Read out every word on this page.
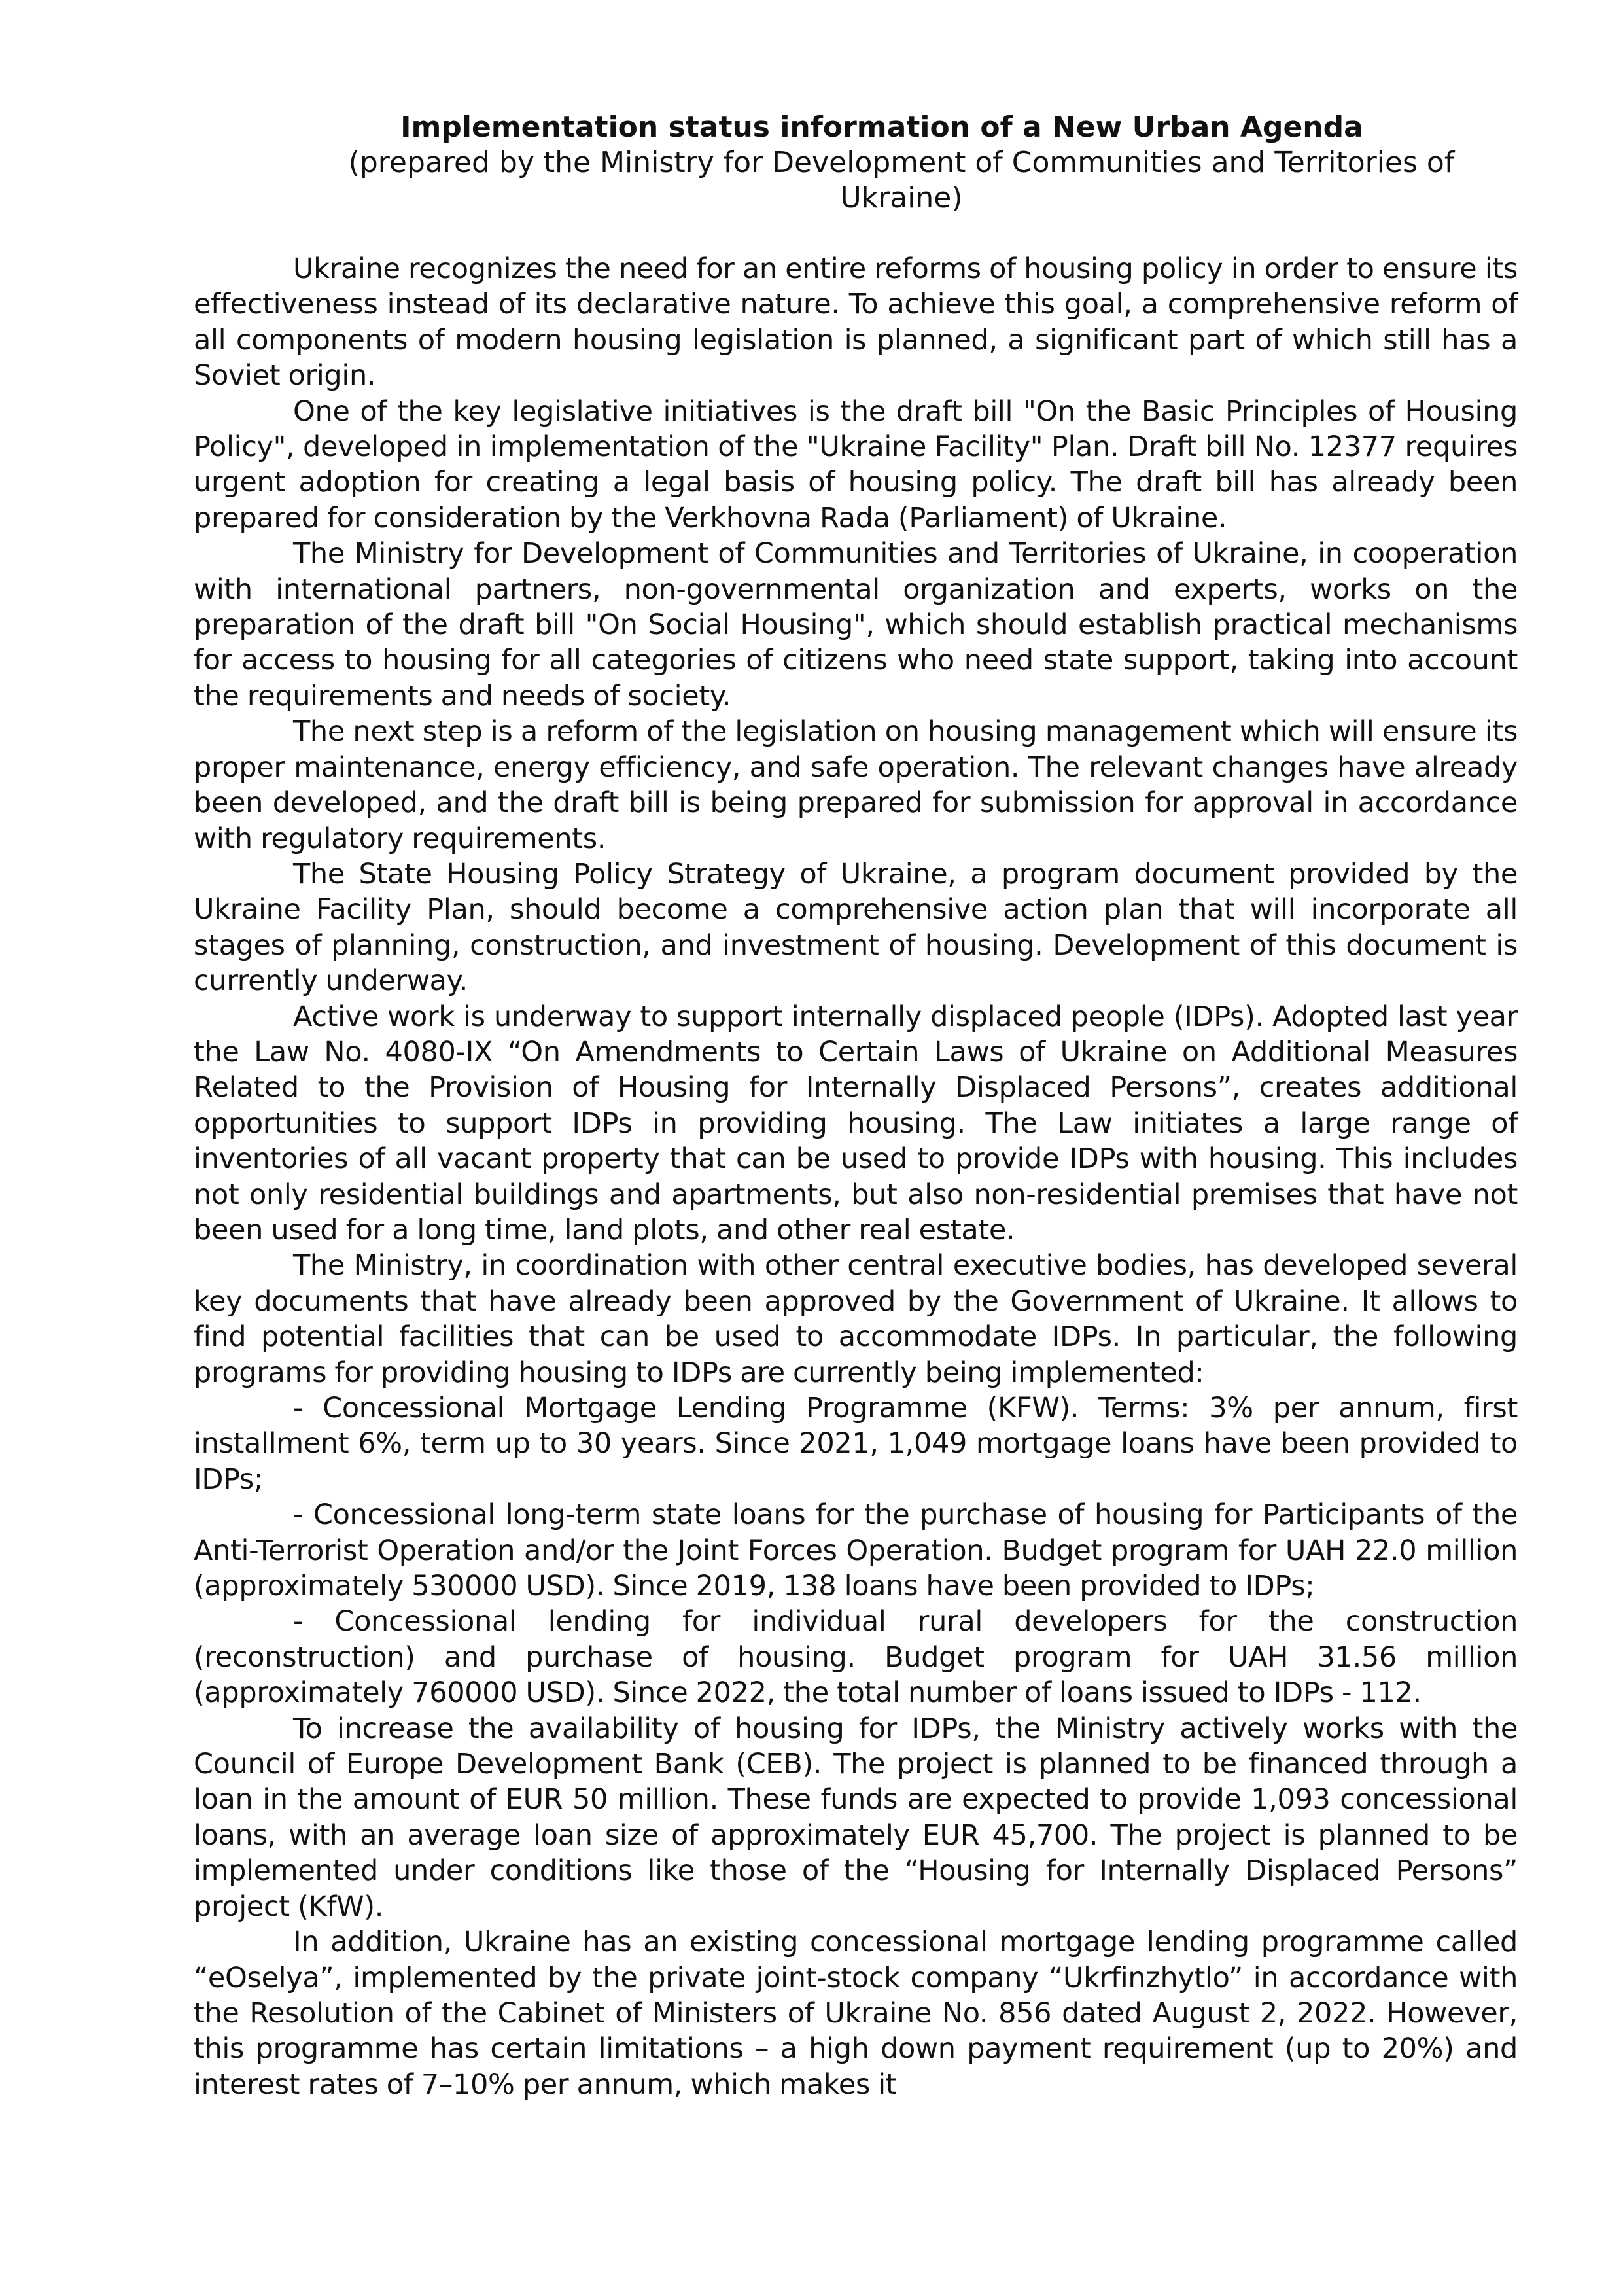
Implementation status information of a New Urban Agenda

(prepared by the Ministry for Development of Communities and Territories of Ukraine)

Ukraine recognizes the need for an entire reforms of housing policy in order to ensure its effectiveness instead of its declarative nature. To achieve this goal, a comprehensive reform of all components of modern housing legislation is planned, a significant part of which still has a Soviet origin.

One of the key legislative initiatives is the draft bill "On the Basic Principles of Housing Policy", developed in implementation of the "Ukraine Facility" Plan. Draft bill No. 12377 requires urgent adoption for creating a legal basis of housing policy. The draft bill has already been prepared for consideration by the Verkhovna Rada (Parliament) of Ukraine.

The Ministry for Development of Communities and Territories of Ukraine, in cooperation with international partners, non-governmental organization and experts, works on the preparation of the draft bill "On Social Housing", which should establish practical mechanisms for access to housing for all categories of citizens who need state support, taking into account the requirements and needs of society.

The next step is a reform of the legislation on housing management which will ensure its proper maintenance, energy efficiency, and safe operation. The relevant changes have already been developed, and the draft bill is being prepared for submission for approval in accordance with regulatory requirements.

The State Housing Policy Strategy of Ukraine, a program document provided by the Ukraine Facility Plan, should become a comprehensive action plan that will incorporate all stages of planning, construction, and investment of housing. Development of this document is currently underway.

Active work is underway to support internally displaced people (IDPs). Adopted last year the Law No. 4080-IX “On Amendments to Certain Laws of Ukraine on Additional Measures Related to the Provision of Housing for Internally Displaced Persons”, creates additional opportunities to support IDPs in providing housing. The Law initiates a large range of inventories of all vacant property that can be used to provide IDPs with housing. This includes not only residential buildings and apartments, but also non-residential premises that have not been used for a long time, land plots, and other real estate.

The Ministry, in coordination with other central executive bodies, has developed several key documents that have already been approved by the Government of Ukraine. It allows to find potential facilities that can be used to accommodate IDPs. In particular, the following programs for providing housing to IDPs are currently being implemented:

- Concessional Mortgage Lending Programme (KFW). Terms: 3% per annum, first installment 6%, term up to 30 years. Since 2021, 1,049 mortgage loans have been provided to IDPs;

- Concessional long-term state loans for the purchase of housing for Participants of the Anti-Terrorist Operation and/or the Joint Forces Operation. Budget program for UAH 22.0 million (approximately 530000 USD). Since 2019, 138 loans have been provided to IDPs;

- Concessional lending for individual rural developers for the construction (reconstruction) and purchase of housing. Budget program for UAH 31.56 million (approximately 760000 USD). Since 2022, the total number of loans issued to IDPs - 112.

To increase the availability of housing for IDPs, the Ministry actively works with the Council of Europe Development Bank (CEB). The project is planned to be financed through a loan in the amount of EUR 50 million. These funds are expected to provide 1,093 concessional loans, with an average loan size of approximately EUR 45,700. The project is planned to be implemented under conditions like those of the “Housing for Internally Displaced Persons” project (KfW).

In addition, Ukraine has an existing concessional mortgage lending programme called “eOselya”, implemented by the private joint-stock company “Ukrfinzhytlo” in accordance with the Resolution of the Cabinet of Ministers of Ukraine No. 856 dated August 2, 2022. However, this programme has certain limitations – a high down payment requirement (up to 20%) and interest rates of 7–10% per annum, which makes it
